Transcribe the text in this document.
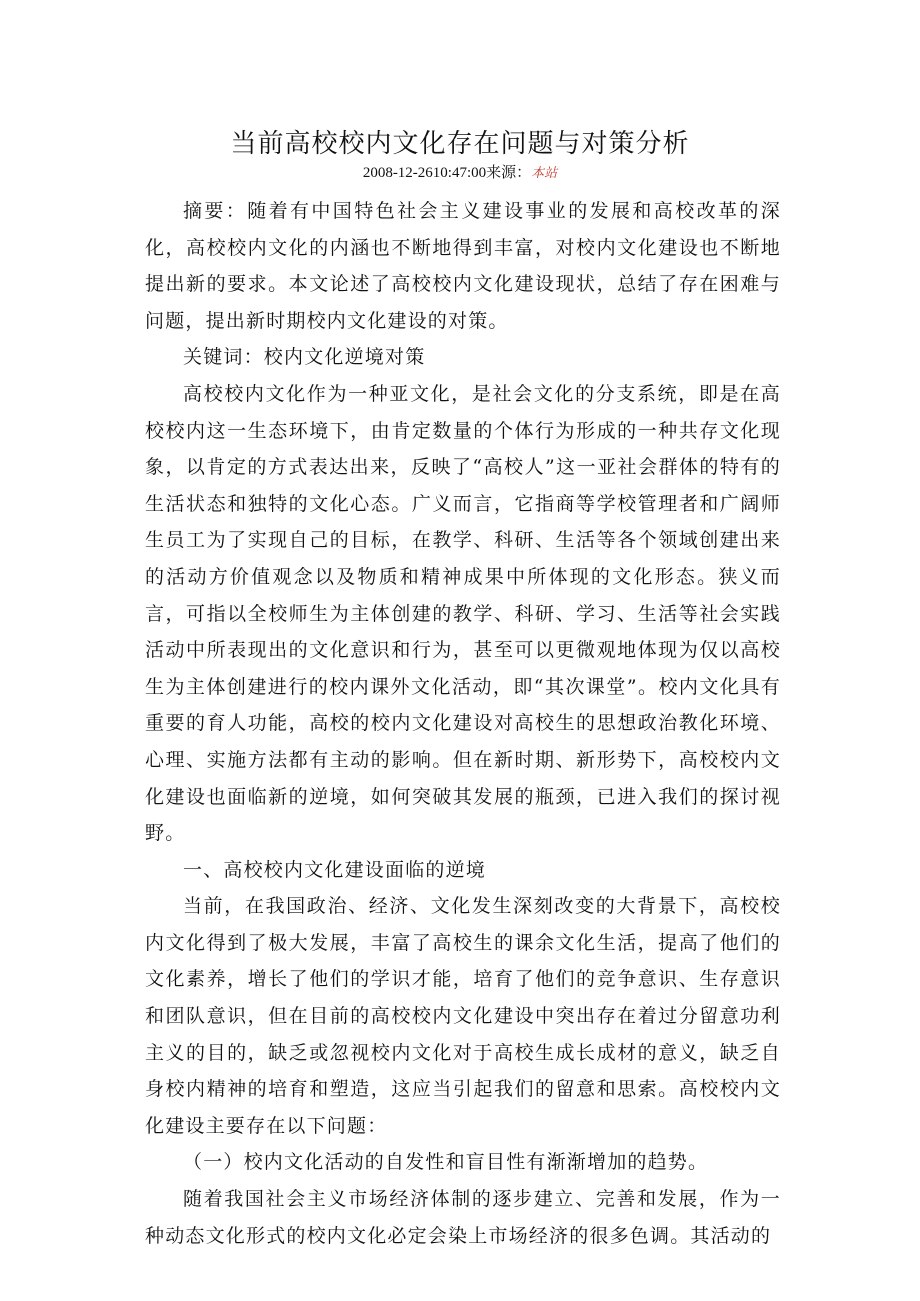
当前高校校内文化存在问题与对策分析
2008-12-2610:47:00来源：本站

摘要：随着有中国特色社会主义建设事业的发展和高校改革的深化，高校校内文化的内涵也不断地得到丰富，对校内文化建设也不断地提出新的要求。本文论述了高校校内文化建设现状，总结了存在困难与问题，提出新时期校内文化建设的对策。

关键词：校内文化逆境对策

高校校内文化作为一种亚文化，是社会文化的分支系统，即是在高校校内这一生态环境下，由肯定数量的个体行为形成的一种共存文化现象，以肯定的方式表达出来，反映了“高校人”这一亚社会群体的特有的生活状态和独特的文化心态。广义而言，它指商等学校管理者和广阔师生员工为了实现自己的目标，在教学、科研、生活等各个领域创建出来的活动方价值观念以及物质和精神成果中所体现的文化形态。狭义而言，可指以全校师生为主体创建的教学、科研、学习、生活等社会实践活动中所表现出的文化意识和行为，甚至可以更微观地体现为仅以高校生为主体创建进行的校内课外文化活动，即“其次课堂”。校内文化具有重要的育人功能，高校的校内文化建设对高校生的思想政治教化环境、心理、实施方法都有主动的影响。但在新时期、新形势下，高校校内文化建设也面临新的逆境，如何突破其发展的瓶颈，已进入我们的探讨视野。

一、高校校内文化建设面临的逆境

当前，在我国政治、经济、文化发生深刻改变的大背景下，高校校内文化得到了极大发展，丰富了高校生的课余文化生活，提高了他们的文化素养，增长了他们的学识才能，培育了他们的竞争意识、生存意识和团队意识，但在目前的高校校内文化建设中突出存在着过分留意功利主义的目的，缺乏或忽视校内文化对于高校生成长成材的意义，缺乏自身校内精神的培育和塑造，这应当引起我们的留意和思索。高校校内文化建设主要存在以下问题：

（一）校内文化活动的自发性和盲目性有渐渐增加的趋势。

随着我国社会主义市场经济体制的逐步建立、完善和发展，作为一种动态文化形式的校内文化必定会染上市场经济的很多色调。其活动的
